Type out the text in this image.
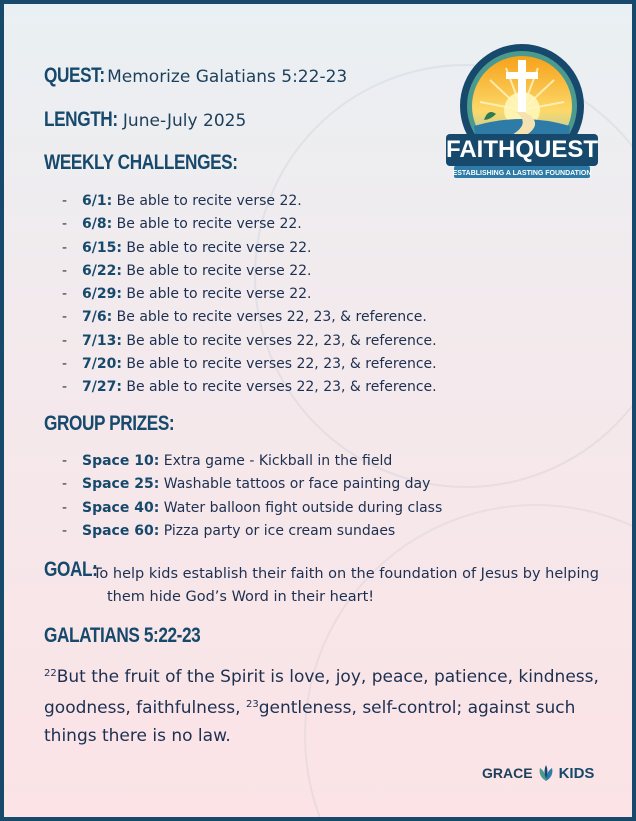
FAITHQUEST
ESTABLISHING A LASTING FOUNDATION
QUEST: Memorize Galatians 5:22-23
LENGTH: June-July 2025
WEEKLY CHALLENGES:
- 6/1: Be able to recite verse 22.
- 6/8: Be able to recite verse 22.
- 6/15: Be able to recite verse 22.
- 6/22: Be able to recite verse 22.
- 6/29: Be able to recite verse 22.
- 7/6: Be able to recite verses 22, 23, & reference.
- 7/13: Be able to recite verses 22, 23, & reference.
- 7/20: Be able to recite verses 22, 23, & reference.
- 7/27: Be able to recite verses 22, 23, & reference.
GROUP PRIZES:
- Space 10: Extra game - Kickball in the field
- Space 25: Washable tattoos or face painting day
- Space 40: Water balloon fight outside during class
- Space 60: Pizza party or ice cream sundaes
GOAL:
To help kids establish their faith on the foundation of Jesus by helping
them hide God’s Word in their heart!
GALATIANS 5:22-23
$^{22}$But the fruit of the Spirit is love, joy, peace, patience, kindness, goodness, faithfulness, $^{23}$gentleness, self-control; against such things there is no law.
GRACE KIDS
